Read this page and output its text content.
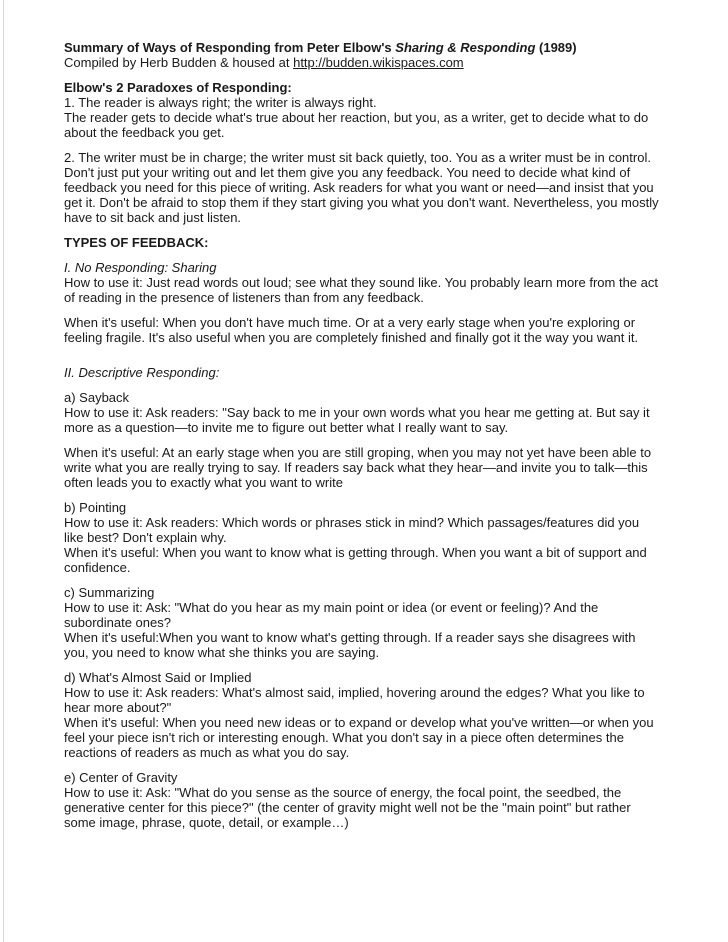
Summary of Ways of Responding from Peter Elbow's Sharing & Responding (1989)

Compiled by Herb Budden & housed at http://budden.wikispaces.com

Elbow's 2 Paradoxes of Responding:

1. The reader is always right; the writer is always right.
The reader gets to decide what's true about her reaction, but you, as a writer, get to decide what to do
about the feedback you get.

2. The writer must be in charge; the writer must sit back quietly, too. You as a writer must be in control.
Don't just put your writing out and let them give you any feedback. You need to decide what kind of
feedback you need for this piece of writing. Ask readers for what you want or need—and insist that you
get it. Don't be afraid to stop them if they start giving you what you don't want. Nevertheless, you mostly
have to sit back and just listen.

TYPES OF FEEDBACK:

I. No Responding: Sharing

How to use it: Just read words out loud; see what they sound like. You probably learn more from the act
of reading in the presence of listeners than from any feedback.

When it's useful: When you don't have much time. Or at a very early stage when you're exploring or
feeling fragile. It's also useful when you are completely finished and finally got it the way you want it.

II. Descriptive Responding:

a) Sayback

How to use it: Ask readers: "Say back to me in your own words what you hear me getting at. But say it
more as a question—to invite me to figure out better what I really want to say.

When it's useful: At an early stage when you are still groping, when you may not yet have been able to
write what you are really trying to say. If readers say back what they hear—and invite you to talk—this
often leads you to exactly what you want to write

b) Pointing

How to use it: Ask readers: Which words or phrases stick in mind? Which passages/features did you
like best? Don't explain why.
When it's useful: When you want to know what is getting through. When you want a bit of support and
confidence.

c) Summarizing

How to use it: Ask: "What do you hear as my main point or idea (or event or feeling)? And the
subordinate ones?
When it's useful:When you want to know what's getting through. If a reader says she disagrees with
you, you need to know what she thinks you are saying.

d) What's Almost Said or Implied

How to use it: Ask readers: What's almost said, implied, hovering around the edges? What you like to
hear more about?"
When it's useful: When you need new ideas or to expand or develop what you've written—or when you
feel your piece isn't rich or interesting enough. What you don't say in a piece often determines the
reactions of readers as much as what you do say.

e) Center of Gravity

How to use it: Ask: "What do you sense as the source of energy, the focal point, the seedbed, the
generative center for this piece?" (the center of gravity might well not be the "main point" but rather
some image, phrase, quote, detail, or example…)
